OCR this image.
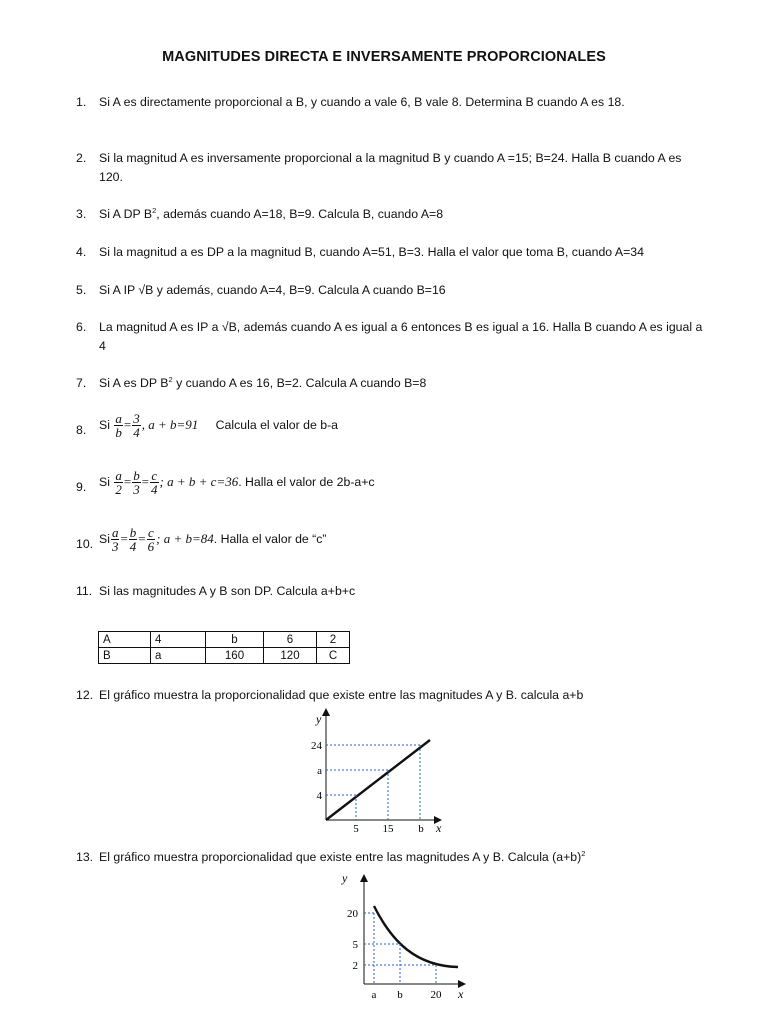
MAGNITUDES DIRECTA E INVERSAMENTE PROPORCIONALES
1.	Si A es directamente proporcional a B, y cuando a vale 6, B vale 8. Determina B cuando A es 18.
2.	Si la magnitud A es inversamente proporcional a la magnitud B y cuando A =15; B=24. Halla B cuando A es
120.
3.	Si A DP $B^2$, además cuando A=18, B=9. Calcula B, cuando A=8
4.	Si la magnitud a es DP a la magnitud B, cuando A=51, B=3. Halla el valor que toma B, cuando A=34
5.	Si A IP √B y además, cuando A=4, B=9. Calcula A cuando B=16
6.	La magnitud A es IP a √B, además cuando A es igual a 6 entonces B es igual a 16. Halla B cuando A es igual a
4
7.	Si A es DP $B^2$ y cuando A es 16, B=2. Calcula A cuando B=8
8.	Si $\frac{a}{b} = \frac{3}{4}$ , a + b=91 Calcula el valor de b-a
9.	Si $\frac{a}{2} = \frac{b}{3} = \frac{c}{4}$ ; a + b + c=36. Halla el valor de 2b-a+c
10. Si $\frac{a}{3} = \frac{b}{4} = \frac{c}{6}$ ; a + b=84. Halla el valor de “c”
11. Si las magnitudes A y B son DP. Calcula a+b+c
A	4	b	6	2
B	a	160	120	C
12. El gráfico muestra la proporcionalidad que existe entre las magnitudes A y B. calcula a+b
y
x
24
a
4
5 15 b
13. El gráfico muestra proporcionalidad que existe entre las magnitudes A y B. Calcula $(a+b)^2$
y
x
20
5
2
a b	20
